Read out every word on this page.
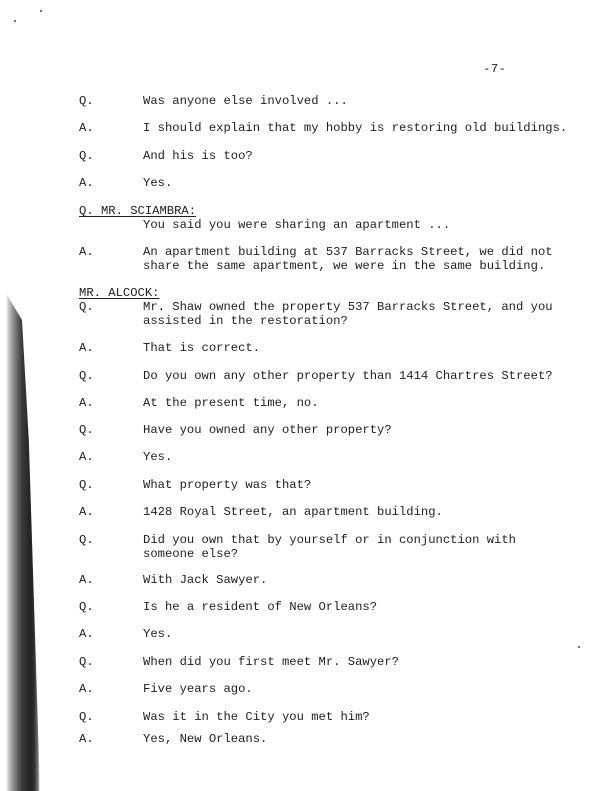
-7-
Q.	Was anyone else involved ...
A.	I should explain that my hobby is restoring old buildings.
Q.	And his is too?
A.	Yes.
Q. MR. SCIAMBRA:
You said you were sharing an apartment ...
A.	An apartment building at 537 Barracks Street, we did not
share the same apartment, we were in the same building.
MR. ALCOCK:
Q.	Mr. Shaw owned the property 537 Barracks Street, and you
assisted in the restoration?
A.	That is correct.
Q.	Do you own any other property than 1414 Chartres Street?
A.	At the present time, no.
Q.	Have you owned any other property?
A.	Yes.
Q.	What property was that?
A.	1428 Royal Street, an apartment building.
Q.	Did you own that by yourself or in conjunction with
someone else?
A.	With Jack Sawyer.
Q.	Is he a resident of New Orleans?
A.	Yes.
Q.	When did you first meet Mr. Sawyer?
A.	Five years ago.
Q.	Was it in the City you met him?
A.	Yes, New Orleans.
